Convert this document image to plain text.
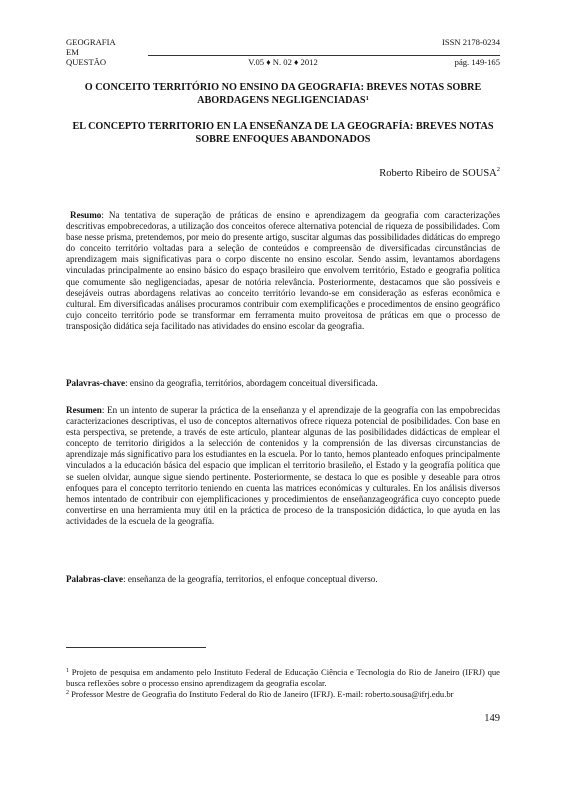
GEOGRAFIA	ISSN 2178-0234
EM
QUESTÃO	V.05 ♦ N. 02 ♦ 2012	pág. 149-165
O CONCEITO TERRITÓRIO NO ENSINO DA GEOGRAFIA: BREVES NOTAS SOBRE ABORDAGENS NEGLIGENCIADAS$^1$
EL CONCEPTO TERRITORIO EN LA ENSEÑANZA DE LA GEOGRAFÍA: BREVES NOTAS SOBRE ENFOQUES ABANDONADOS
Roberto Ribeiro de SOUSA$^2$
Resumo: Na tentativa de superação de práticas de ensino e aprendizagem da geografia com caracterizações descritivas empobrecedoras, a utilização dos conceitos oferece alternativa potencial de riqueza de possibilidades. Com base nesse prisma, pretendemos, por meio do presente artigo, suscitar algumas das possibilidades didáticas do emprego do conceito território voltadas para a seleção de conteúdos e compreensão de diversificadas circunstâncias de aprendizagem mais significativas para o corpo discente no ensino escolar. Sendo assim, levantamos abordagens vinculadas principalmente ao ensino básico do espaço brasileiro que envolvem território, Estado e geografia política que comumente são negligenciadas, apesar de notória relevância. Posteriormente, destacamos que são possíveis e desejáveis outras abordagens relativas ao conceito território levando-se em consideração as esferas econômica e cultural. Em diversificadas análises procuramos contribuir com exemplificações e procedimentos de ensino geográfico cujo conceito território pode se transformar em ferramenta muito proveitosa de práticas em que o processo de transposição didática seja facilitado nas atividades do ensino escolar da geografia.
Palavras-chave: ensino da geografia, territórios, abordagem conceitual diversificada.
Resumen: En un intento de superar la práctica de la enseñanza y el aprendizaje de la geografía con las empobrecidas caracterizaciones descriptivas, el uso de conceptos alternativos ofrece riqueza potencial de posibilidades. Con base en esta perspectiva, se pretende, a través de este artículo, plantear algunas de las posibilidades didácticas de emplear el concepto de territorio dirigidos a la selección de contenidos y la comprensión de las diversas circunstancias de aprendizaje más significativo para los estudiantes en la escuela. Por lo tanto, hemos planteado enfoques principalmente vinculados a la educación básica del espacio que implican el territorio brasileño, el Estado y la geografía política que se suelen olvidar, aunque sigue siendo pertinente. Posteriormente, se destaca lo que es posible y deseable para otros enfoques para el concepto territorio teniendo en cuenta las matrices económicas y culturales. En los análisis diversos hemos intentado de contribuir con ejemplificaciones y procedimientos de enseñanzageográfica cuyo concepto puede convertirse en una herramienta muy útil en la práctica de proceso de la transposición didáctica, lo que ayuda en las actividades de la escuela de la geografía.
Palabras-clave: enseñanza de la geografía, territorios, el enfoque conceptual diverso.
$^1$ Projeto de pesquisa em andamento pelo Instituto Federal de Educação Ciência e Tecnologia do Rio de Janeiro (IFRJ) que busca reflexões sobre o processo ensino aprendizagem da geografia escolar.
$^2$ Professor Mestre de Geografia do Instituto Federal do Rio de Janeiro (IFRJ). E-mail: roberto.sousa@ifrj.edu.br
149
